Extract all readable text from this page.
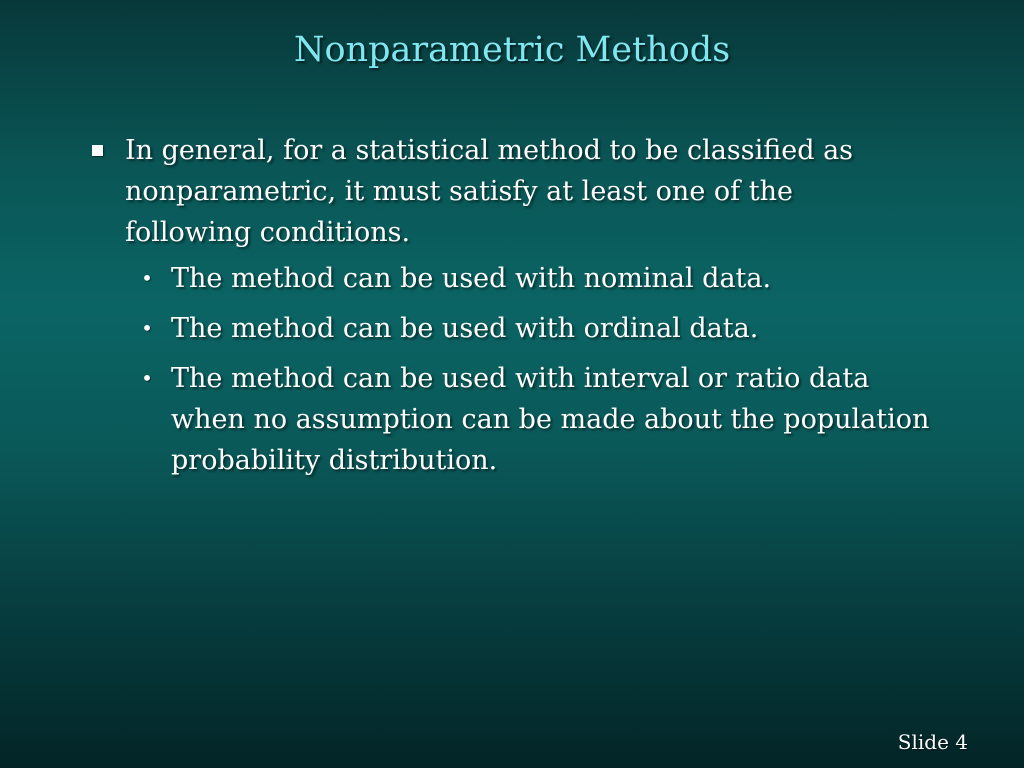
Nonparametric Methods
In general, for a statistical method to be classified as nonparametric, it must satisfy at least one of the following conditions.
• The method can be used with nominal data.
• The method can be used with ordinal data.
• The method can be used with interval or ratio data when no assumption can be made about the population probability distribution.
Slide 4
